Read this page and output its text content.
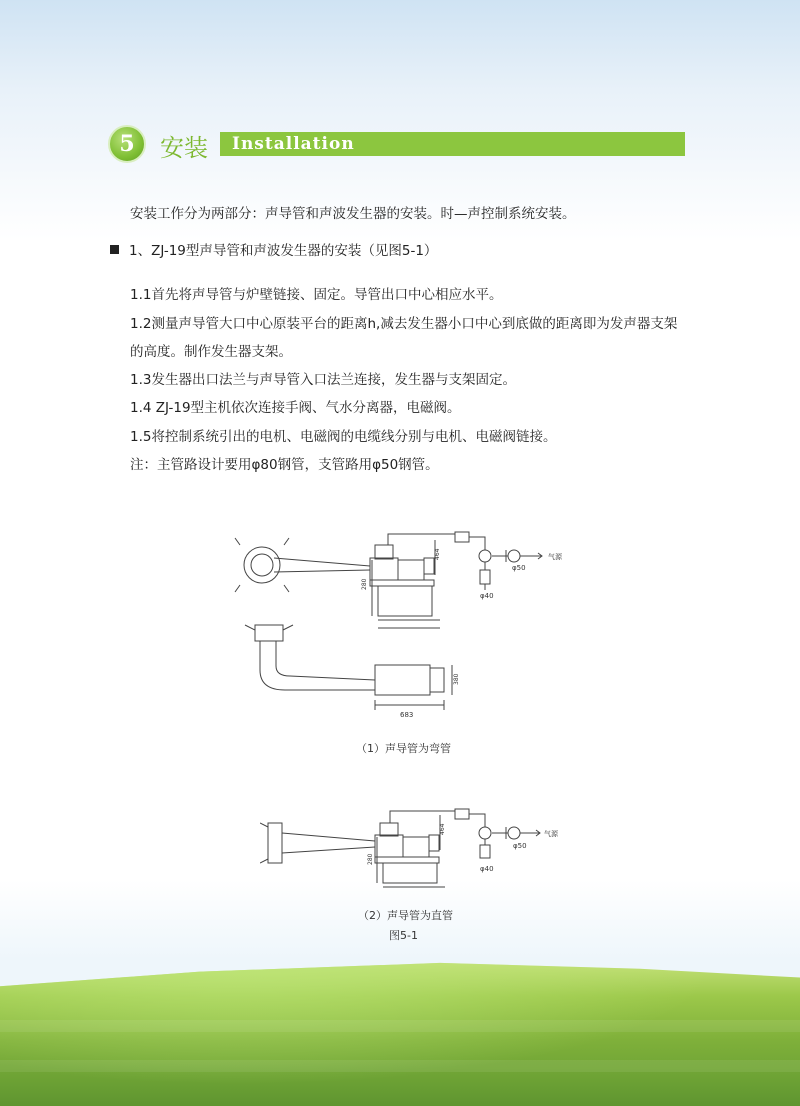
5	安装 Installation
安装工作分为两部分：声导管和声波发生器的安装。时—声控制系统安装。
1、ZJ-19型声导管和声波发生器的安装（见图5-1）
1.1首先将声导管与炉壁链接、固定。导管出口中心相应水平。
1.2测量声导管大口中心原装平台的距离h,减去发生器小口中心到底做的距离即为发声器支架
的高度。制作发生器支架。
1.3发生器出口法兰与声导管入口法兰连接，发生器与支架固定。
1.4 ZJ-19型主机依次连接手阀、气水分离器，电磁阀。
1.5将控制系统引出的电机、电磁阀的电缆线分别与电机、电磁阀链接。
注：主管路设计要用φ80钢管，支管路用φ50钢管。
气源
φ50
φ40
280
464
380
683
（1）声导管为弯管
气源
φ50
φ40
280
464
（2）声导管为直管
图5-1
